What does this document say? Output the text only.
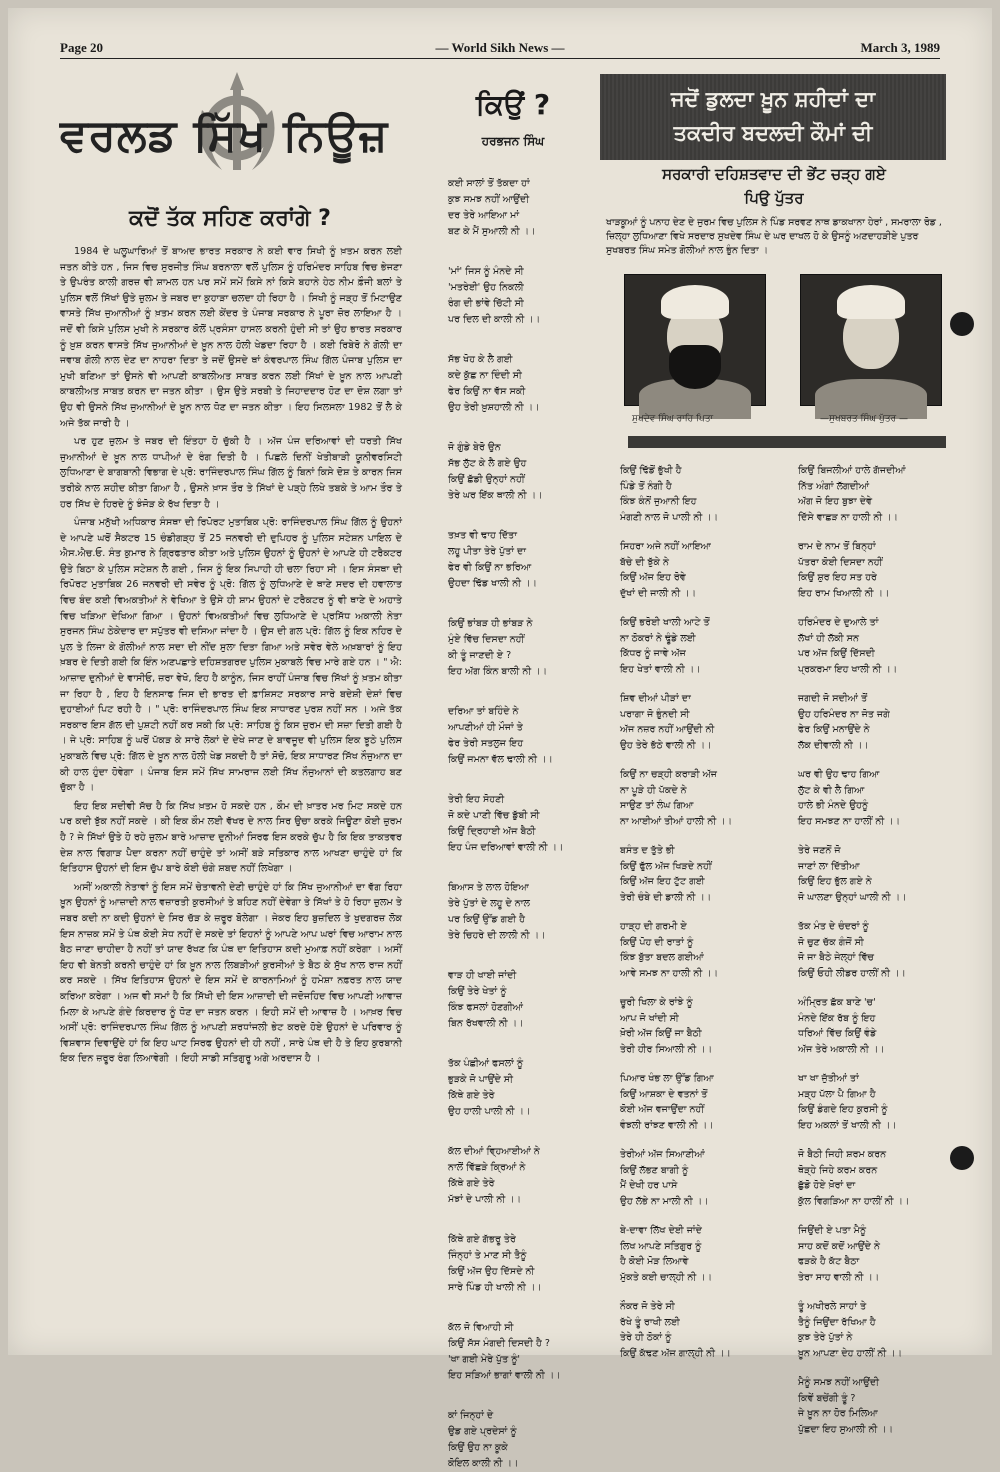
Page 20	— World Sikh News —	March 3, 1989
ਵਰਲਡ ਸਿੱਖ ਨਿਊਜ਼
ਕਦੋਂ ਤੱਕ ਸਹਿਣ ਕਰਾਂਗੇ ?

1984 ਦੇ ਘਲੂਘਾਰਿਆਂ ਤੋਂ ਬਾਅਦ ਭਾਰਤ ਸਰਕਾਰ ਨੇ ਕਈ ਵਾਰ ਸਿਖੀ ਨੂੰ ਖ਼ਤਮ ਕਰਨ ਲਈ ਜਤਨ ਕੀਤੇ ਹਨ , ਜਿਸ ਵਿਚ ਸੁਰਜੀਤ ਸਿੰਘ ਬਰਨਾਲਾ ਵਲੋਂ ਪੁਲਿਸ ਨੂੰ ਹਰਿਮੰਦਰ ਸਾਹਿਬ ਵਿਚ ਭੇਜਣਾ ਤੇ ਉਪਰੰਤ ਕਾਲੀ ਗਰਜ਼ ਵੀ ਸ਼ਾਮਲ ਹਨ ਪਰ ਸਮੇਂ ਸਮੇਂ ਕਿਸੇ ਨਾਂ ਕਿਸੇ ਬਹਾਨੇ ਹੇਠ ਨੀਮ ਫ਼ੌਜੀ ਬਲਾਂ ਤੇ ਪੁਲਿਸ ਵਲੋਂ ਸਿੱਖਾਂ ਉਤੇ ਜ਼ੁਲਮ ਤੇ ਜਬਰ ਦਾ ਕੁਹਾੜਾ ਚਲਦਾ ਹੀ ਰਿਹਾ ਹੈ । ਸਿਖੀ ਨੂੰ ਜੜ੍ਹ ਤੋਂ ਮਿਟਾਉਣ ਵਾਸਤੇ ਸਿੱਖ ਜੁਆਨੀਆਂ ਨੂੰ ਖ਼ਤਮ ਕਰਨ ਲਈ ਕੇਂਦਰ ਤੇ ਪੰਜਾਬ ਸਰਕਾਰ ਨੇ ਪੂਰਾ ਜ਼ੋਰ ਲਾਇਆ ਹੈ । ਜਦੋਂ ਵੀ ਕਿਸੇ ਪੁਲਿਸ ਮੁਖੀ ਨੇ ਸਰਕਾਰ ਕੋਲੋਂ ਪ੍ਰਸੰਸਾ ਹਾਸਲ ਕਰਨੀ ਹੁੰਦੀ ਸੀ ਤਾਂ ਉਹ ਭਾਰਤ ਸਰਕਾਰ ਨੂੰ ਖ਼ੁਸ਼ ਕਰਨ ਵਾਸਤੇ ਸਿੱਖ ਜੁਆਨੀਆਂ ਦੇ ਖ਼ੂਨ ਨਾਲ ਹੋਲੀ ਖੇਡਦਾ ਰਿਹਾ ਹੈ । ਕਈ ਰਿਬੇਰੋ ਨੇ ਗੋਲੀ ਦਾ ਜਵਾਬ ਗੋਲੀ ਨਾਲ ਦੇਣ ਦਾ ਨਾਹਰਾ ਦਿਤਾ ਤੇ ਜਦੋਂ ਉਸਦੇ ਥਾਂ ਕੰਵਰਪਾਲ ਸਿੰਘ ਗਿੱਲ ਪੰਜਾਬ ਪੁਲਿਸ ਦਾ ਮੁਖੀ ਬਣਿਆ ਤਾਂ ਉਸਨੇ ਵੀ ਆਪਣੀ ਕਾਬਲੀਅਤ ਸਾਬਤ ਕਰਨ ਲਈ ਸਿੱਖਾਂ ਦੇ ਖ਼ੂਨ ਨਾਲ ਆਪਣੀ ਕਾਬਲੀਅਤ ਸਾਬਤ ਕਰਨ ਦਾ ਜਤਨ ਕੀਤਾ । ਉਸ ਉਤੇ ਸਰਬੀ ਤੇ ਜਿਹਾਦਦਾਰ ਹੋਣ ਦਾ ਦੋਸ਼ ਲਗਾ ਤਾਂ ਉਹ ਵੀ ਉਸਨੇ ਸਿੱਖ ਜੁਆਨੀਆਂ ਦੇ ਖ਼ੂਨ ਨਾਲ ਧੋਣ ਦਾ ਜਤਨ ਕੀਤਾ । ਇਹ ਸਿਲਸਲਾ 1982 ਤੋਂ ਲੈ ਕੇ ਅਜੇ ਤੱਕ ਜਾਰੀ ਹੈ ।

ਪਰ ਹੁਣ ਜ਼ੁਲਮ ਤੇ ਜਬਰ ਦੀ ਇੰਤਹਾ ਹੋ ਚੁੱਕੀ ਹੈ । ਅੱਜ ਪੰਜ ਦਰਿਆਵਾਂ ਦੀ ਧਰਤੀ ਸਿੱਖ ਜੁਆਨੀਆਂ ਦੇ ਖ਼ੂਨ ਨਾਲ ਧਾਪੀਆਂ ਦੇ ਰੰਗ ਦਿਤੀ ਹੈ । ਪਿਛਲੇ ਦਿਨੀਂ ਖੇਤੀਬਾੜੀ ਯੂਨੀਵਰਸਿਟੀ ਲੁਧਿਆਣਾ ਦੇ ਬਾਗਬਾਨੀ ਵਿਭਾਗ ਦੇ ਪ੍ਰੋ: ਰਾਜਿੰਦਰਪਾਲ ਸਿੰਘ ਗਿੱਲ ਨੂੰ ਬਿਨਾਂ ਕਿਸੇ ਦੋਸ਼ ਤੇ ਕਾਰਨ ਜਿਸ ਤਰੀਕੇ ਨਾਲ ਸ਼ਹੀਦ ਕੀਤਾ ਗਿਆ ਹੈ , ਉਸਨੇ ਖ਼ਾਸ ਤੌਰ ਤੇ ਸਿੱਖਾਂ ਦੇ ਪੜ੍ਹੇ ਲਿਖੇ ਤਬਕੇ ਤੇ ਆਮ ਤੌਰ ਤੇ ਹਰ ਸਿੱਖ ਦੇ ਹਿਰਦੇ ਨੂੰ ਝੰਜੋੜ ਕੇ ਰੱਖ ਦਿਤਾ ਹੈ ।

ਪੰਜਾਬ ਮਨੁੱਖੀ ਅਧਿਕਾਰ ਸੰਸਥਾ ਦੀ ਰਿਪੋਰਟ ਮੁਤਾਬਿਕ ਪ੍ਰੋ: ਰਾਜਿੰਦਰਪਾਲ ਸਿੰਘ ਗਿੱਲ ਨੂੰ ਉਹਨਾਂ ਦੇ ਆਪਣੇ ਘਰੋਂ ਸੈਕਟਰ 15 ਚੰਡੀਗੜ੍ਹ ਤੋਂ 25 ਜਨਵਰੀ ਦੀ ਦੁਪਿਹਰ ਨੂੰ ਪੁਲਿਸ ਸਟੇਸ਼ਨ ਪਾਇਲ ਦੇ ਐਸ.ਐਚ.ਓ. ਸੰਤ ਕੁਮਾਰ ਨੇ ਗ੍ਰਿਫਤਾਰ ਕੀਤਾ ਅਤੇ ਪੁਲਿਸ ਉਹਨਾਂ ਨੂੰ ਉਹਨਾਂ ਦੇ ਆਪਣੇ ਹੀ ਟਰੈਕਟਰ ਉਤੇ ਬਿਠਾ ਕੇ ਪੁਲਿਸ ਸਟੇਸ਼ਨ ਲੈ ਗਈ , ਜਿਸ ਨੂੰ ਇਕ ਸਿਪਾਹੀ ਹੀ ਚਲਾ ਰਿਹਾ ਸੀ । ਇਸ ਸੰਸਥਾ ਦੀ ਰਿਪੋਰਟ ਮੁਤਾਬਿਕ 26 ਜਨਵਰੀ ਦੀ ਸਵੇਰ ਨੂੰ ਪ੍ਰੋ: ਗਿੱਲ ਨੂੰ ਲੁਧਿਆਣੇ ਦੇ ਥਾਣੇ ਸਦਰ ਦੀ ਹਵਾਲਾਤ ਵਿਚ ਬੰਦ ਕਈ ਵਿਅਕਤੀਆਂ ਨੇ ਵੇਖਿਆ ਤੇ ਉਸੇ ਹੀ ਸ਼ਾਮ ਉਹਨਾਂ ਦੇ ਟਰੈਕਟਰ ਨੂੰ ਵੀ ਥਾਣੇ ਦੇ ਅਹਾਤੇ ਵਿਚ ਖੜਿਆ ਦੇਖਿਆ ਗਿਆ । ਉਹਨਾਂ ਵਿਅਕਤੀਆਂ ਵਿਚ ਲੁਧਿਆਣੇ ਦੇ ਪ੍ਰਸਿੱਧ ਅਕਾਲੀ ਨੇਤਾ ਸੁਰਜਨ ਸਿੰਘ ਠੇਕੇਦਾਰ ਦਾ ਸਪੁੱਤਰ ਵੀ ਦਸਿਆ ਜਾਂਦਾ ਹੈ । ਉਸ ਦੀ ਗਲ ਪ੍ਰੋ: ਗਿੱਲ ਨੂੰ ਇਕ ਨਹਿਰ ਦੇ ਪੁਲ ਤੇ ਲਿਜਾ ਕੇ ਗੋਲੀਆਂ ਨਾਲ ਸਦਾ ਦੀ ਨੀਂਦ ਸੁਲਾ ਦਿਤਾ ਗਿਆ ਅਤੇ ਸਵੇਰ ਵੇਲੇ ਅਖ਼ਬਾਰਾਂ ਨੂੰ ਇਹ ਖ਼ਬਰ ਦੇ ਦਿਤੀ ਗਈ ਕਿ ਇੰਨ ਅਣਪਛਾਤੇ ਦਹਿਸ਼ਤਗਰਦ ਪੁਲਿਸ ਮੁਕਾਬਲੇ ਵਿਚ ਮਾਰੇ ਗਏ ਹਨ । " ਐ: ਆਜ਼ਾਦ ਦੁਨੀਆਂ ਦੇ ਵਾਸੀਓ, ਜ਼ਰਾ ਵੇਖੋ, ਇਹ ਹੈ ਕਾਨੂੰਨ, ਜਿਸ ਰਾਹੀਂ ਪੰਜਾਬ ਵਿਚ ਸਿੱਖਾਂ ਨੂੰ ਖ਼ਤਮ ਕੀਤਾ ਜਾ ਰਿਹਾ ਹੈ , ਇਹ ਹੈ ਇਨਸਾਫ ਜਿਸ ਦੀ ਭਾਰਤ ਦੀ ਫ਼ਾਸ਼ਿਸਟ ਸਰਕਾਰ ਸਾਰੇ ਬਦੇਸ਼ੀ ਦੇਸ਼ਾਂ ਵਿਚ ਦੁਹਾਈਆਂ ਪਿਟ ਰਹੀ ਹੈ । " ਪ੍ਰੋ: ਰਾਜਿੰਦਰਪਾਲ ਸਿੰਘ ਇਕ ਸਾਧਾਰਣ ਪੁਰਸ਼ ਨਹੀਂ ਸਨ । ਅਜੇ ਤੱਕ ਸਰਕਾਰ ਇਸ ਗੱਲ ਦੀ ਪੁਸ਼ਟੀ ਨਹੀਂ ਕਰ ਸਕੀ ਕਿ ਪ੍ਰੋ: ਸਾਹਿਬ ਨੂੰ ਕਿਸ ਜ਼ੁਰਮ ਦੀ ਸਜ਼ਾ ਦਿਤੀ ਗਈ ਹੈ । ਜੇ ਪ੍ਰੋ: ਸਾਹਿਬ ਨੂੰ ਘਰੋਂ ਪੱਕੜ ਕੇ ਸਾਰੇ ਲੋਕਾਂ ਦੇ ਦੇਖੇ ਜਾਣ ਦੇ ਬਾਵਜੂਦ ਵੀ ਪੁਲਿਸ ਇਕ ਝੂਠੇ ਪੁਲਿਸ ਮੁਕਾਬਲੇ ਵਿਚ ਪ੍ਰੋ: ਗਿੱਲ ਦੇ ਖ਼ੂਨ ਨਾਲ ਹੋਲੀ ਖੇਡ ਸਕਦੀ ਹੈ ਤਾਂ ਸੋਚੋ, ਇਕ ਸਾਧਾਰਣ ਸਿੱਖ ਨੌਜੁਆਨ ਦਾ ਕੀ ਹਾਲ ਹੁੰਦਾ ਹੋਵੇਗਾ । ਪੰਜਾਬ ਇਸ ਸਮੇਂ ਸਿੱਖ ਸਾਮਰਾਜ ਲਈ ਸਿੱਖ ਨੌਜੁਆਨਾਂ ਦੀ ਕਤਲਗਾਹ ਬਣ ਚੁੱਕਾ ਹੈ ।

ਇਹ ਇਕ ਸਦੀਵੀ ਸੱਚ ਹੈ ਕਿ ਸਿੱਖ ਖ਼ਤਮ ਹੋ ਸਕਦੇ ਹਨ , ਕੌਮ ਦੀ ਖ਼ਾਤਰ ਮਰ ਮਿਟ ਸਕਦੇ ਹਨ ਪਰ ਕਦੀ ਝੁੱਕ ਨਹੀਂ ਸਕਦੇ । ਕੀ ਇਕ ਕੌਮ ਲਈ ਵੱਖਰ ਦੇ ਨਾਲ ਸਿਰ ਉਚਾ ਕਰਕੇ ਜਿਊਣਾ ਕੋਈ ਜ਼ੁਰਮ ਹੈ ? ਜੇ ਸਿੱਖਾਂ ਉਤੇ ਹੋ ਰਹੇ ਜ਼ੁਲਮ ਬਾਰੇ ਆਜ਼ਾਦ ਦੁਨੀਆਂ ਸਿਰਫ ਇਸ ਕਰਕੇ ਚੁੱਪ ਹੈ ਕਿ ਇਕ ਤਾਕਤਵਰ ਦੇਸ਼ ਨਾਲ ਵਿਗਾੜ ਪੈਦਾ ਕਰਨਾ ਨਹੀਂ ਚਾਹੁੰਦੇ ਤਾਂ ਅਸੀਂ ਬੜੇ ਸਤਿਕਾਰ ਨਾਲ ਆਖਣਾ ਚਾਹੁੰਦੇ ਹਾਂ ਕਿ ਇਤਿਹਾਸ ਉਹਨਾਂ ਦੀ ਇਸ ਚੁੱਪ ਬਾਰੇ ਕੋਈ ਚੰਗੇ ਸ਼ਬਦ ਨਹੀਂ ਲਿਖੇਗਾ ।

ਅਸੀਂ ਅਕਾਲੀ ਨੇਤਾਵਾਂ ਨੂੰ ਇਸ ਸਮੇਂ ਚੇਤਾਵਨੀ ਦੇਣੀ ਚਾਹੁੰਦੇ ਹਾਂ ਕਿ ਸਿੱਖ ਜੁਆਨੀਆਂ ਦਾ ਵੱਗ ਰਿਹਾ ਖ਼ੂਨ ਉਹਨਾਂ ਨੂੰ ਆਜ਼ਾਦੀ ਨਾਲ ਵਜ਼ਾਰਤੀ ਕੁਰਸੀਆਂ ਤੇ ਬਹਿਣ ਨਹੀਂ ਦੇਵੇਗਾ ਤੇ ਸਿੱਖਾਂ ਤੇ ਹੋ ਰਿਹਾ ਜ਼ੁਲਮ ਤੇ ਜਬਰ ਕਦੀ ਨਾ ਕਦੀ ਉਹਨਾਂ ਦੇ ਸਿਰ ਚੱੜ ਕੇ ਜ਼ਰੂਰ ਬੋਲੇਗਾ । ਜੇਕਰ ਇਹ ਬੁਜ਼ਦਿਲ ਤੇ ਖੁਦਗਰਜ਼ ਲੋਕ ਇਸ ਨਾਜ਼ਕ ਸਮੇਂ ਤੇ ਪੰਥ ਕੋਈ ਸੇਧ ਨਹੀਂ ਦੇ ਸਕਦੇ ਤਾਂ ਇਹਨਾਂ ਨੂੰ ਆਪਣੇ ਆਪ ਘਰਾਂ ਵਿਚ ਆਰਾਮ ਨਾਲ ਬੈਠ ਜਾਣਾ ਚਾਹੀਦਾ ਹੈ ਨਹੀਂ ਤਾਂ ਯਾਦ ਰੱਖਣ ਕਿ ਪੰਥ ਦਾ ਇਤਿਹਾਸ ਕਦੀ ਮੁਆਫ਼ ਨਹੀਂ ਕਰੇਗਾ । ਅਸੀਂ ਇਹ ਵੀ ਬੇਨਤੀ ਕਰਨੀ ਚਾਹੁੰਦੇ ਹਾਂ ਕਿ ਖ਼ੂਨ ਨਾਲ ਲਿਬੜੀਆਂ ਕੁਰਸੀਆਂ ਤੇ ਬੈਠ ਕੇ ਸੁੱਖ ਨਾਲ ਰਾਜ ਨਹੀਂ ਕਰ ਸਕਦੇ । ਸਿੱਖ ਇਤਿਹਾਸ ਉਹਨਾਂ ਦੇ ਇਸ ਸਮੇਂ ਦੇ ਕਾਰਨਾਮਿਆਂ ਨੂੰ ਹਮੇਸ਼ਾ ਨਫ਼ਰਤ ਨਾਲ ਯਾਦ ਕਰਿਆ ਕਰੇਗਾ । ਅਜ ਵੀ ਸਮਾਂ ਹੈ ਕਿ ਸਿੱਖੀ ਦੀ ਇਸ ਆਜ਼ਾਦੀ ਦੀ ਜਦੋਜਹਿਦ ਵਿਚ ਆਪਣੀ ਆਵਾਜ਼ ਮਿਲਾ ਕੇ ਆਪਣੇ ਗੰਦੇ ਕਿਰਦਾਰ ਨੂੰ ਧੋਣ ਦਾ ਜਤਨ ਕਰਨ । ਇਹੀ ਸਮੇਂ ਦੀ ਆਵਾਜ਼ ਹੈ । ਆਖ਼ਰ ਵਿਚ ਅਸੀਂ ਪ੍ਰੋ: ਰਾਜਿੰਦਰਪਾਲ ਸਿੰਘ ਗਿੱਲ ਨੂੰ ਆਪਣੀ ਸ਼ਰਧਾਂਜਲੀ ਭੇਟ ਕਰਦੇ ਹੋਏ ਉਹਨਾਂ ਦੇ ਪਰਿਵਾਰ ਨੂੰ ਵਿਸ਼ਵਾਸ ਦਿਵਾਉਂਦੇ ਹਾਂ ਕਿ ਇਹ ਘਾਟ ਸਿਰਫ ਉਹਨਾਂ ਦੀ ਹੀ ਨਹੀਂ , ਸਾਰੇ ਪੰਥ ਦੀ ਹੈ ਤੇ ਇਹ ਕੁਰਬਾਨੀ ਇਕ ਦਿਨ ਜ਼ਰੂਰ ਰੰਗ ਲਿਆਵੇਗੀ । ਇਹੀ ਸਾਡੀ ਸਤਿਗੁਰੂ ਅਗੇ ਅਰਦਾਸ ਹੈ ।

ਕਿਉਂ ?
ਹਰਭਜਨ ਸਿੰਘ
ਕਈ ਸਾਲਾਂ ਤੋਂ ਤੱਕਦਾ ਹਾਂ
ਕੁਝ ਸਮਝ ਨਹੀਂ ਆਉਂਦੀ
ਦਰ ਤੇਰੇ ਆਇਆ ਮਾਂ
ਬਣ ਕੇ ਮੈਂ ਸੁਆਲੀ ਨੀ ।।
'ਮਾਂ' ਜਿਸ ਨੂੰ ਮੰਨਦੇ ਸੀ
'ਮਤਰੇਈ' ਉਹ ਨਿਕਲੀ
ਰੰਗ ਦੀ ਭਾਂਵੇ ਚਿੱਟੀ ਸੀ
ਪਰ ਦਿਲ ਦੀ ਕਾਲੀ ਨੀ ।।
ਸੱਭ ਖੋਹ ਕੇ ਲੈ ਗਈ
ਕਦੇ ਕੁੱਛ ਨਾ ਦਿੰਦੀ ਸੀ
ਫੇਰ ਕਿਉਂ ਨਾ ਵੱਸ ਸਕੀ
ਉਹ ਤੇਰੀ ਖ਼ੁਸ਼ਹਾਲੀ ਨੀ ।।
ਜੋ ਗੁੰਡੇ ਬੇਰੋ ਉਨ
ਸੱਭ ਲੁੱਟ ਕੇ ਲੈ ਗਏ ਉਹ
ਕਿਉਂ ਛੱਡੀ ਉਨ੍ਹਾਂ ਨਹੀਂ
ਤੇਰੇ ਘਰ ਇੱਕ ਥਾਲੀ ਨੀ ।।
ਤਖ਼ਤ ਵੀ ਢਾਹ ਦਿੱਤਾ
ਲਹੂ ਪੀਤਾ ਤੇਰੇ ਪੁੱਤਾਂ ਦਾ
ਫੇਰ ਵੀ ਕਿਉਂ ਨਾ ਭਰਿਆ
ਉਹਦਾ ਢਿੱਡ ਖਾਲੀ ਨੀ ।।
ਕਿਉਂ ਭਾਂਬੜ ਹੀ ਭਾਂਬੜ ਨੇ
ਮੁੰਏ ਵਿੱਚ ਦਿਸਦਾ ਨਹੀਂ
ਕੀ ਤੂੰ ਜਾਣਦੀ ਏ ?
ਇਹ ਅੱਗ ਕਿੰਨ ਬਾਲੀ ਨੀ ।।
ਦਰਿਆ ਤਾਂ ਬਹਿੰਦੇ ਨੇ
ਆਪਣੀਆਂ ਹੀ ਮੌਜਾਂ ਤੇ
ਫੇਰ ਤੇਰੀ ਸਤਲੁਜ ਇਹ
ਕਿਉਂ ਜਮਨਾ ਵੱਲ ਢਾਲੀ ਨੀ ।।
ਤੇਰੀ ਇਹ ਸੋਹਣੀ
ਜੋ ਕਦੇ ਪਾਣੀ ਵਿੱਚ ਡੁੱਬੀ ਸੀ
ਕਿਉਂ ਦ੍ਰਿਹਾਈ ਅੱਜ ਬੈਠੀ
ਇਹ ਪੰਜ ਦਰਿਆਵਾਂ ਵਾਲੀ ਨੀ ।।
ਬਿਆਸ ਤੇ ਲਾਲ ਹੋਇਆ
ਤੇਰੇ ਪੁੱਤਾਂ ਦੇ ਲਹੂ ਦੇ ਨਾਲ
ਪਰ ਕਿਉਂ ਉੱਡ ਗਈ ਹੈ
ਤੇਰੇ ਚਿਹਰੇ ਦੀ ਲਾਲੀ ਨੀ ।।
ਵਾੜ ਹੀ ਖਾਈ ਜਾਂਦੀ
ਕਿਉਂ ਤੇਰੇ ਖੇਤਾਂ ਨੂੰ
ਕਿੰਝ ਫਸਲਾਂ ਹੋਣਗੀਆਂ
ਬਿਨ ਰੱਖਵਾਲੀ ਨੀ ।।
ਤੱਕ ਪੰਛੀਆਂ ਫਸਲਾਂ ਨੂੰ
ਭੁੜਕੇ ਜੋ ਪਾਉਂਦੇ ਸੀ
ਕਿੱਥੇ ਗਏ ਤੇਰੇ
ਉਹ ਹਾਲੀ ਪਾਲੀ ਨੀ ।।
ਕੱਲ ਦੀਆਂ ਵ੍ਹਿਆਈਆਂ ਨੇ
ਨਾਲੋਂ ਵਿੱਛੜੇ ਕ੍ਰਿਆਂ ਨੇ
ਕਿੱਥੇ ਗਏ ਤੇਰੇ
ਮੱਝਾਂ ਦੇ ਪਾਲੀ ਨੀ ।।
ਕਿੱਥੇ ਗਏ ਗੱਭਰੂ ਤੇਰੇ
ਜਿੰਨ੍ਹਾਂ ਤੇ ਮਾਣ ਸੀ ਤੈਨੂੰ
ਕਿਉਂ ਅੱਜ ਉਹ ਦਿੱਸਦੇ ਨੀ
ਸਾਰੇ ਪਿੰਡ ਹੀ ਖਾਲੀ ਨੀ ।।
ਕੱਲ ਜੋ ਵਿਆਹੀ ਸੀ
ਕਿਉਂ ਸੱਸ ਮੰਗਦੀ ਦਿਸਦੀ ਹੈ ?
'ਖਾ ਗਈ ਮੇਰੇ ਪੁੱਤ ਨੂੰ'
ਇਹ ਸੜਿਆਂ ਭਾਗਾਂ ਵਾਲੀ ਨੀ ।।
ਕਾਂ ਜਿਨ੍ਹਾਂ ਦੇ
ਉਡ ਗਏ ਪ੍ਰਦੇਸਾਂ ਨੂੰ
ਕਿਉਂ ਉਹ ਨਾ ਕੂਕੇ
ਕੋਇਲ ਕਾਲੀ ਨੀ ।।
ਜਦੋਂ ਡੁਲਦਾ ਖ਼ੂਨ ਸ਼ਹੀਦਾਂ ਦਾ
ਤਕਦੀਰ ਬਦਲਦੀ ਕੌਮਾਂ ਦੀ
ਸਰਕਾਰੀ ਦਹਿਸ਼ਤਵਾਦ ਦੀ ਭੇਂਟ ਚੜ੍ਹ ਗਏ
ਪਿਉ ਪੁੱਤਰ
ਖਾੜਕੂਆਂ ਨੂੰ ਪਨਾਹ ਦੇਣ ਦੇ ਜੁਰਮ ਵਿਚ ਪੁਲਿਸ ਨੇ ਪਿੰਡ ਸਰਵਣ ਨਾਥ ਡਾਕਖਾਨਾ ਹੇਰਾਂ , ਸਮਰਾਲਾ ਰੋਡ , ਜ਼ਿਲ੍ਹਾ ਲੁਧਿਆਣਾ ਵਿਖੇ ਸਰਦਾਰ ਸੁਖਦੇਵ ਸਿੰਘ ਦੇ ਘਰ ਦਾਖਲ ਹੋ ਕੇ ਉਸਨੂੰ ਅਣਦਾਹੜੀਏ ਪੁਤਰ ਸੁਖਬਰਤ ਸਿੰਘ ਸਮੇਤ ਗੋਲੀਆਂ ਨਾਲ ਭੁੰਨ ਦਿਤਾ ।
ਸੁਖਦੇਵ ਸਿੰਘ ਰਾਹਿ ਪਿਤਾ	—ਸੁਖਬਰਤ ਸਿੰਘ ਪੁੱਤਰ —
ਕਿਉਂ ਢਿੱਡੋਂ ਭੁੱਖੀ ਹੈ
ਪਿੰਡੇ ਤੋਂ ਨੰਗੀ ਹੈ
ਕਿੰਝ ਕੰਨੋਂ ਜੁਆਨੀ ਇਹ
ਮੰਗਣੀ ਨਾਲ ਜੋ ਪਾਲੀ ਨੀ ।।
ਸਿਹਰਾ ਅਜੇ ਨਹੀਂ ਆਇਆ
ਬੱਚੇ ਦੀ ਝੁੱਕੇ ਨੇ
ਕਿਉਂ ਅੱਜ ਇਹ ਰੋਵੇ
ਦੁੱਖਾਂ ਦੀ ਜਾਲੀ ਨੀ ।।
ਕਿਉਂ ਭਰੋਈ ਖਾਲੀ ਆਟੇ ਤੋਂ
ਨਾ ਠੋਕਰਾਂ ਨੇ ਢੂੰਡੇ ਲਈ
ਕਿੱਧਰ ਨੂੰ ਜਾਵੇ ਅੱਜ
ਇਹ ਖੇਤਾਂ ਵਾਲੀ ਨੀ ।।
ਸ਼ਿਵ ਦੀਆਂ ਪੀੜਾਂ ਦਾ
ਪਰਾਗਾ ਜੋ ਭੁੰਨਦੀ ਸੀ
ਅੱਜ ਨਜ਼ਰ ਨਹੀਂ ਆਉਂਦੀ ਨੀ
ਉਹ ਤੇਰੇ ਭੱਠੇ ਵਾਲੀ ਨੀ ।।
ਕਿਉਂ ਨਾ ਚੜ੍ਹੀ ਕਰਾੜੀ ਅੱਜ
ਨਾ ਪੂੜੇ ਹੀ ਪੱਕਦੇ ਨੇ
ਸਾਉਣ ਤਾਂ ਲੰਘ ਗਿਆ
ਨਾ ਆਈਆਂ ਤੀਆਂ ਹਾਲੀ ਨੀ ।।
ਬਸੰਤ ਦ ਤੁੱਤੇ ਭੀ
ਕਿਉਂ ਫੁੱਲ ਅੱਜ ਖਿੜਦੇ ਨਹੀਂ
ਕਿਉਂ ਅੱਜ ਇਹ ਟੁੱਟ ਗਈ
ਤੇਰੀ ਚੰਬੇ ਦੀ ਡਾਲੀ ਨੀ ।।
ਹਾੜ੍ਹ ਦੀ ਗਰਮੀ ਏ
ਕਿਉਂ ਪੋਹ ਦੀ ਰਾਤਾਂ ਨੂੰ
ਕਿੰਝ ਬੁੱਤਾ ਬਦਲ ਗਈਆਂ
ਆਵੇ ਸਮਝ ਨਾ ਹਾਲੀ ਨੀ ।।
ਚੂਰੀ ਖਿਲਾ ਕੇ ਰਾਂਝੇ ਨੂੰ
ਆਪ ਜੋ ਖਾਂਦੀ ਸੀ
ਖ਼ੋਰੀ ਅੱਜ ਕਿਉਂ ਜਾ ਬੈਠੀ
ਤੇਰੀ ਹੀਰ ਸਿਆਲੀ ਨੀ ।।
ਪਿਆਰ ਖੰਭ ਲਾ ਉੱਡ ਗਿਆ
ਕਿਉਂ ਆਸ਼ਕਾ ਦੇ ਵਤਨਾਂ ਤੋਂ
ਕੋਈ ਅੱਜ ਵਜਾਉਂਦਾ ਨਹੀਂ
ਵੰਝਲੀ ਰਾਂਝਣ ਵਾਲੀ ਨੀ ।।
ਤੇਰੀਆਂ ਅੱਜ ਸਿਆਣੀਆਂ
ਕਿਉਂ ਲੱਭਣ ਬਾਗੀ ਨੂੰ
ਮੈਂ ਦੇਖੀ ਹਰ ਪਾਸੇ
ਉਹ ਲੱਭੇ ਨਾ ਮਾਲੀ ਨੀ ।।
ਬੇ-ਦਾਵਾ ਲਿੱਖ ਦੇਈ ਜਾਂਦੇ
ਲਿਖ ਆਪਣੇ ਸਤਿਗੁਰ ਨੂੰ
ਹੈ ਕੋਈ ਮੋੜ ਲਿਆਵੇ
ਮੁੱਕਤੇ ਕਈ ਚਾਲ੍ਹੀ ਨੀ ।।
ਨੌਕਰ ਜੋ ਤੇਰੇ ਸੀ
ਰੱਖੇ ਤੂੰ ਰਾਖੀ ਲਈ
ਤੇਰੇ ਹੀ ਠੋਕਾਂ ਨੂੰ
ਕਿਉਂ ਕੱਢਣ ਅੱਜ ਗਾਲ੍ਹੀ ਨੀ ।।
ਕਿਉਂ ਬਿਜਲੀਆਂ ਹਾਲੇ ਗੱਜਦੀਆਂ
ਨਿੱਤ ਅੰਗਾਂ ਲੱਗਦੀਆਂ
ਅੱਗ ਜੋ ਇਹ ਬੁਝਾ ਦੇਵੇ
ਦਿੱਸੇ ਵਾਛੜ ਨਾ ਹਾਲੀ ਨੀ ।।
ਰਾਮ ਦੇ ਨਾਮ ਤੋਂ ਬਿਨ੍ਹਾਂ
ਪੱਤਰਾ ਕੋਈ ਦਿਸਦਾ ਨਹੀਂ
ਕਿਉਂ ਸ਼ੁਰ ਇਹ ਸਤ ਹਰੇ
ਇਹ ਰਾਮ ਖਿਆਲੀ ਨੀ ।।
ਹਰਿਮੰਦਰ ਦੇ ਦੁਆਲੇ ਤਾਂ
ਲੱਖਾਂ ਹੀ ਲੱਕੀ ਸਨ
ਪਰ ਅੱਜ ਕਿਉਂ ਦਿੱਸਦੀ
ਪ੍ਰਕਰਮਾ ਇਹ ਖਾਲੀ ਨੀ ।।
ਜਗਦੀ ਜੋ ਸਦੀਆਂ ਤੋਂ
ਉਹ ਹਰਿਮੰਦਰ ਨਾ ਜੋਤ ਜਗੇ
ਫੇਰ ਕਿਉਂ ਮਨਾਉਂਦੇ ਨੇ
ਲੱਕ ਦੀਵਾਲੀ ਨੀ ।।
ਘਰ ਵੀ ਉਹ ਢਾਹ ਗਿਆ
ਲੁੱਟ ਕੇ ਵੀ ਲੈ ਗਿਆ
ਹਾਲੇ ਭੀ ਮੰਨਦੇ ਉਹਨੂੰ
ਇਹ ਸਮਝਣ ਨਾ ਹਾਲੀਂ ਨੀ ।।
ਤੇਰੇ ਜਣਨੋਂ ਜੋ
ਜਾਣਾਂ ਲਾ ਦਿੱਤੀਆ
ਕਿਉਂ ਇਹ ਭੁੱਲ ਗਏ ਨੇ
ਜੋ ਘਾਲਣਾ ਉਨ੍ਹਾਂ ਘਾਲੀ ਨੀ ।।
ਤੱਕ ਮੰਤ ਦੇ ਚੰਦਰਾਂ ਨੂੰ
ਜੋ ਚੁਣ ਚੱਕ ਗੰਜੋਂ ਸੀ
ਜੋ ਜਾ ਬੈਠੇ ਜੇਲ੍ਹਾਂ ਵਿੱਚ
ਕਿਉਂ ਓਹੀ ਲੀਡਰ ਹਾਲੀਂ ਨੀ ।।
ਅੰਮ੍ਰਿਤ ਛੱਕ ਬਾਣੇ 'ਚ'
ਮੰਨਦੇ ਇੱਕ ਰੱਬ ਨੂੰ ਇਹ
ਧਰਿਆਂ ਵਿੱਚ ਕਿਉਂ ਵੰਡੇ
ਅੱਜ ਤੇਰੇ ਅਕਾਲੀ ਨੀ ।।
ਖਾ ਖਾ ਜੁੱਤੀਆਂ ਤਾਂ
ਮੜ੍ਹ ਪੱਲਾ ਪੈ ਗਿਆ ਹੈ
ਕਿਉਂ ਡੰਗਦੇ ਇਹ ਕੁਰਸੀ ਨੂੰ
ਇਹ ਅਕਲਾਂ ਤੋਂ ਖਾਲੀ ਨੀ ।।
ਜੋ ਬੈਠੀ ਜਿਹੀ ਸ਼ਰਮ ਕਰਨ
ਥੋੜ੍ਹੇ ਜਿਹੇ ਕਰਮ ਕਰਨ
ਛੁੱਡੋ ਹੋਏ ਖ਼ੋਰਾਂ ਦਾ
ਕੁੱਲ ਵਿਗੜਿਆ ਨਾ ਹਾਲੀਂ ਨੀ ।।
ਜਿਉਂਦੀ ਏ ਪਤਾ ਮੈਨੂੰ
ਸਾਹ ਕਦੋਂ ਕਦੋਂ ਆਉਂਦੇ ਨੇ
ਫੜਕੇ ਹੈ ਕੱਟ ਬੈਠਾ
ਤੇਰਾ ਸਾਹ ਵਾਲੀ ਨੀ ।।
ਤੂੰ ਅਖੀਰਲੇ ਸਾਹਾਂ ਤੇ
ਤੈਨੂੰ ਜਿਉਂਦਾ ਰੱਖਿਆ ਹੈ
ਕੁਝ ਤੇਰੇ ਪੁੱਤਾਂ ਨੇ
ਖ਼ੂਨ ਆਪਣਾ ਦੇਹ ਹਾਲੀਂ ਨੀ ।।
ਮੈਨੂੰ ਸਮਝ ਨਹੀਂ ਆਉਂਦੀ
ਕਿਵੇਂ ਬਚੇਂਗੀ ਤੂੰ ?
ਜੇ ਖ਼ੂਨ ਨਾ ਹੋਰ ਮਿਲਿਆ
ਪੁੱਛਦਾ ਇਹ ਸੁਆਲੀ ਨੀ ।।
